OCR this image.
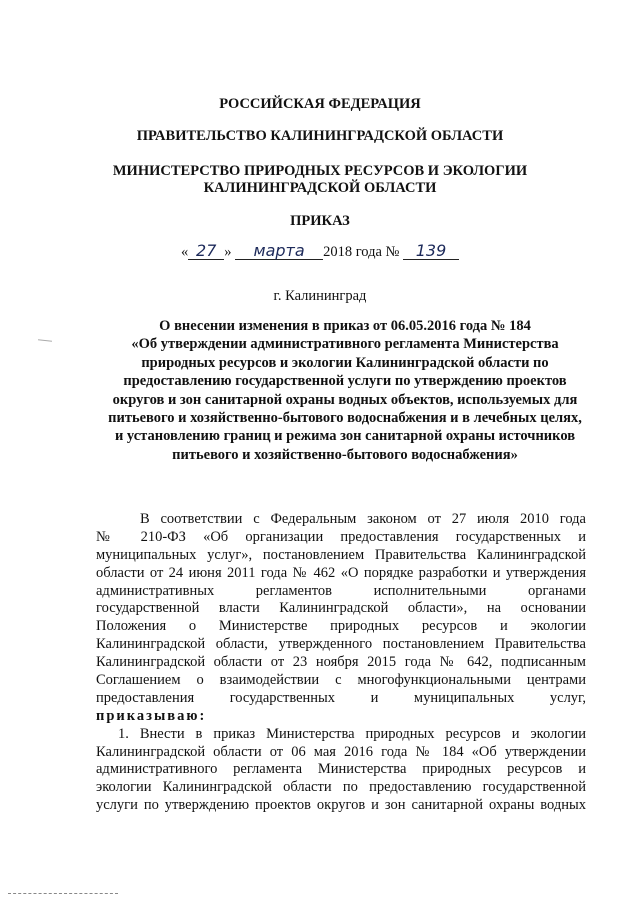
РОССИЙСКАЯ ФЕДЕРАЦИЯ
ПРАВИТЕЛЬСТВО КАЛИНИНГРАДСКОЙ ОБЛАСТИ
МИНИСТЕРСТВО ПРИРОДНЫХ РЕСУРСОВ И ЭКОЛОГИИ
КАЛИНИНГРАДСКОЙ ОБЛАСТИ
ПРИКАЗ
« 27 » марта 2018 года № 139
г. Калининград
О внесении изменения в приказ от 06.05.2016 года № 184
«Об утверждении административного регламента Министерства
природных ресурсов и экологии Калининградской области по
предоставлению государственной услуги по утверждению проектов
округов и зон санитарной охраны водных объектов, используемых для
питьевого и хозяйственно-бытового водоснабжения и в лечебных целях,
и установлению границ и режима зон санитарной охраны источников
питьевого и хозяйственно-бытового водоснабжения»
В соответствии с Федеральным законом от 27 июля 2010 года
№ 210-ФЗ «Об организации предоставления государственных и
муниципальных услуг», постановлением Правительства Калининградской
области от 24 июня 2011 года № 462 «О порядке разработки и утверждения
административных регламентов исполнительными органами
государственной власти Калининградской области», на основании
Положения о Министерстве природных ресурсов и экологии
Калининградской области, утвержденного постановлением Правительства
Калининградской области от 23 ноября 2015 года № 642, подписанным
Соглашением о взаимодействии с многофункциональными центрами
предоставления государственных и муниципальных услуг,
приказываю:
1. Внести в приказ Министерства природных ресурсов и экологии
Калининградской области от 06 мая 2016 года № 184 «Об утверждении
административного регламента Министерства природных ресурсов и
экологии Калининградской области по предоставлению государственной
услуги по утверждению проектов округов и зон санитарной охраны водных
